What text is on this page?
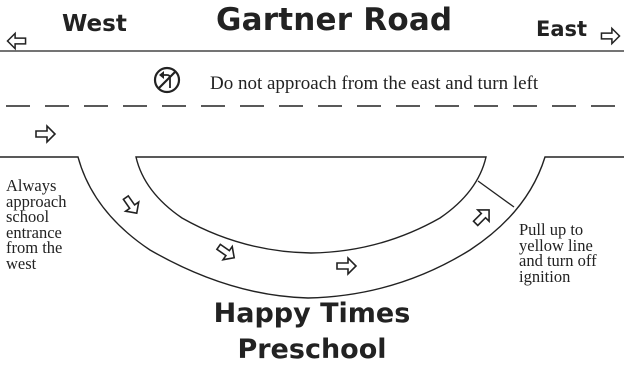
Gartner Road
West	East
Do not approach from the east and turn left
Always
approach
school
entrance
from the
west
Pull up to
yellow line
and turn off
ignition
Happy Times
Preschool
